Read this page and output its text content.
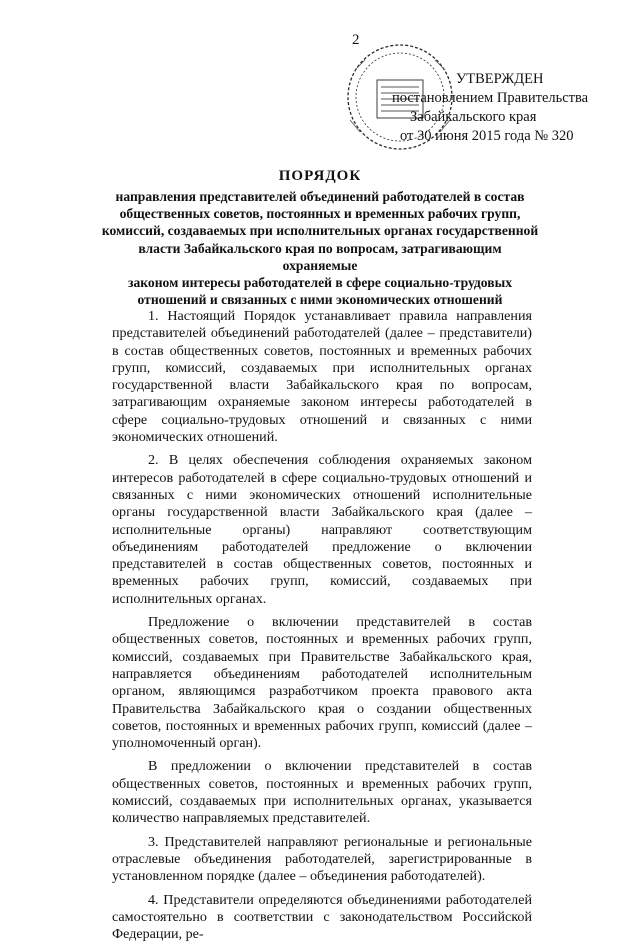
2
УТВЕРЖДЕН
постановлением Правительства
Забайкальского края
от 30 июня 2015 года № 320
ПОРЯДОК
направления представителей объединений работодателей в состав
общественных советов, постоянных и временных рабочих групп,
комиссий, создаваемых при исполнительных органах государственной
власти Забайкальского края по вопросам, затрагивающим охраняемые
законом интересы работодателей в сфере социально-трудовых
отношений и связанных с ними экономических отношений

1. Настоящий Порядок устанавливает правила направления представителей объединений работодателей (далее – представители) в состав общественных советов, постоянных и временных рабочих групп, комиссий, создаваемых при исполнительных органах государственной власти Забайкальского края по вопросам, затрагивающим охраняемые законом интересы работодателей в сфере социально-трудовых отношений и связанных с ними экономических отношений.

2. В целях обеспечения соблюдения охраняемых законом интересов работодателей в сфере социально-трудовых отношений и связанных с ними экономических отношений исполнительные органы государственной власти Забайкальского края (далее – исполнительные органы) направляют соответствующим объединениям работодателей предложение о включении представителей в состав общественных советов, постоянных и временных рабочих групп, комиссий, создаваемых при исполнительных органах.

Предложение о включении представителей в состав общественных советов, постоянных и временных рабочих групп, комиссий, создаваемых при Правительстве Забайкальского края, направляется объединениям работодателей исполнительным органом, являющимся разработчиком проекта правового акта Правительства Забайкальского края о создании общественных советов, постоянных и временных рабочих групп, комиссий (далее – уполномоченный орган).

В предложении о включении представителей в состав общественных советов, постоянных и временных рабочих групп, комиссий, создаваемых при исполнительных органах, указывается количество направляемых представителей.

3. Представителей направляют региональные и региональные отраслевые объединения работодателей, зарегистрированные в установленном порядке (далее – объединения работодателей).

4. Представители определяются объединениями работодателей самостоятельно в соответствии с законодательством Российской Федерации, ре-
